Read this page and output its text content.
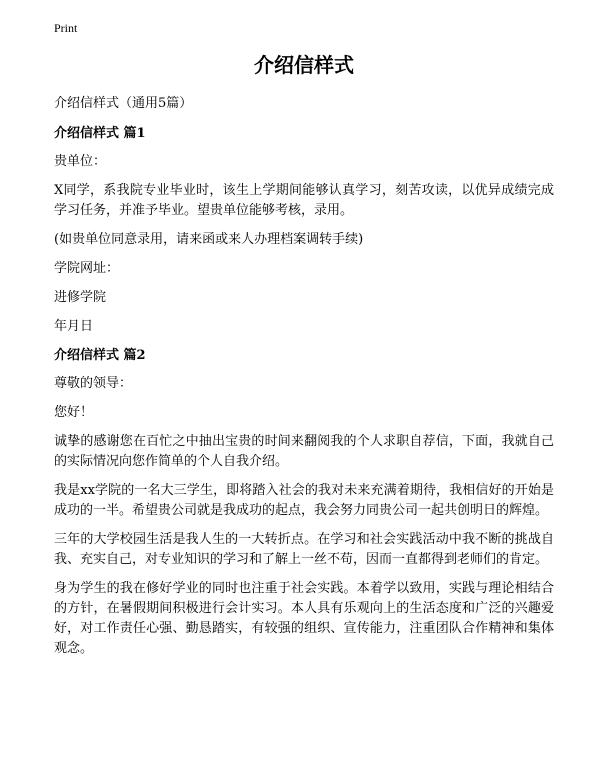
Print
介绍信样式

介绍信样式（通用5篇）

介绍信样式 篇1

贵单位：

X同学，系我院专业毕业时，该生上学期间能够认真学习，刻苦攻读，以优异成绩完成学习任务，并准予毕业。望贵单位能够考核，录用。

(如贵单位同意录用，请来函或来人办理档案调转手续)

学院网址：

进修学院

年月日

介绍信样式 篇2

尊敬的领导：

您好！

诚挚的感谢您在百忙之中抽出宝贵的时间来翻阅我的个人求职自荐信，下面，我就自己的实际情况向您作简单的个人自我介绍。

我是xx学院的一名大三学生，即将踏入社会的我对未来充满着期待，我相信好的开始是成功的一半。希望贵公司就是我成功的起点，我会努力同贵公司一起共创明日的辉煌。

三年的大学校园生活是我人生的一大转折点。在学习和社会实践活动中我不断的挑战自我、充实自己，对专业知识的学习和了解上一丝不苟，因而一直都得到老师们的肯定。

身为学生的我在修好学业的同时也注重于社会实践。本着学以致用，实践与理论相结合的方针，在暑假期间积极进行会计实习。本人具有乐观向上的生活态度和广泛的兴趣爱好，对工作责任心强、勤恳踏实，有较强的组织、宣传能力，注重团队合作精神和集体观念。
